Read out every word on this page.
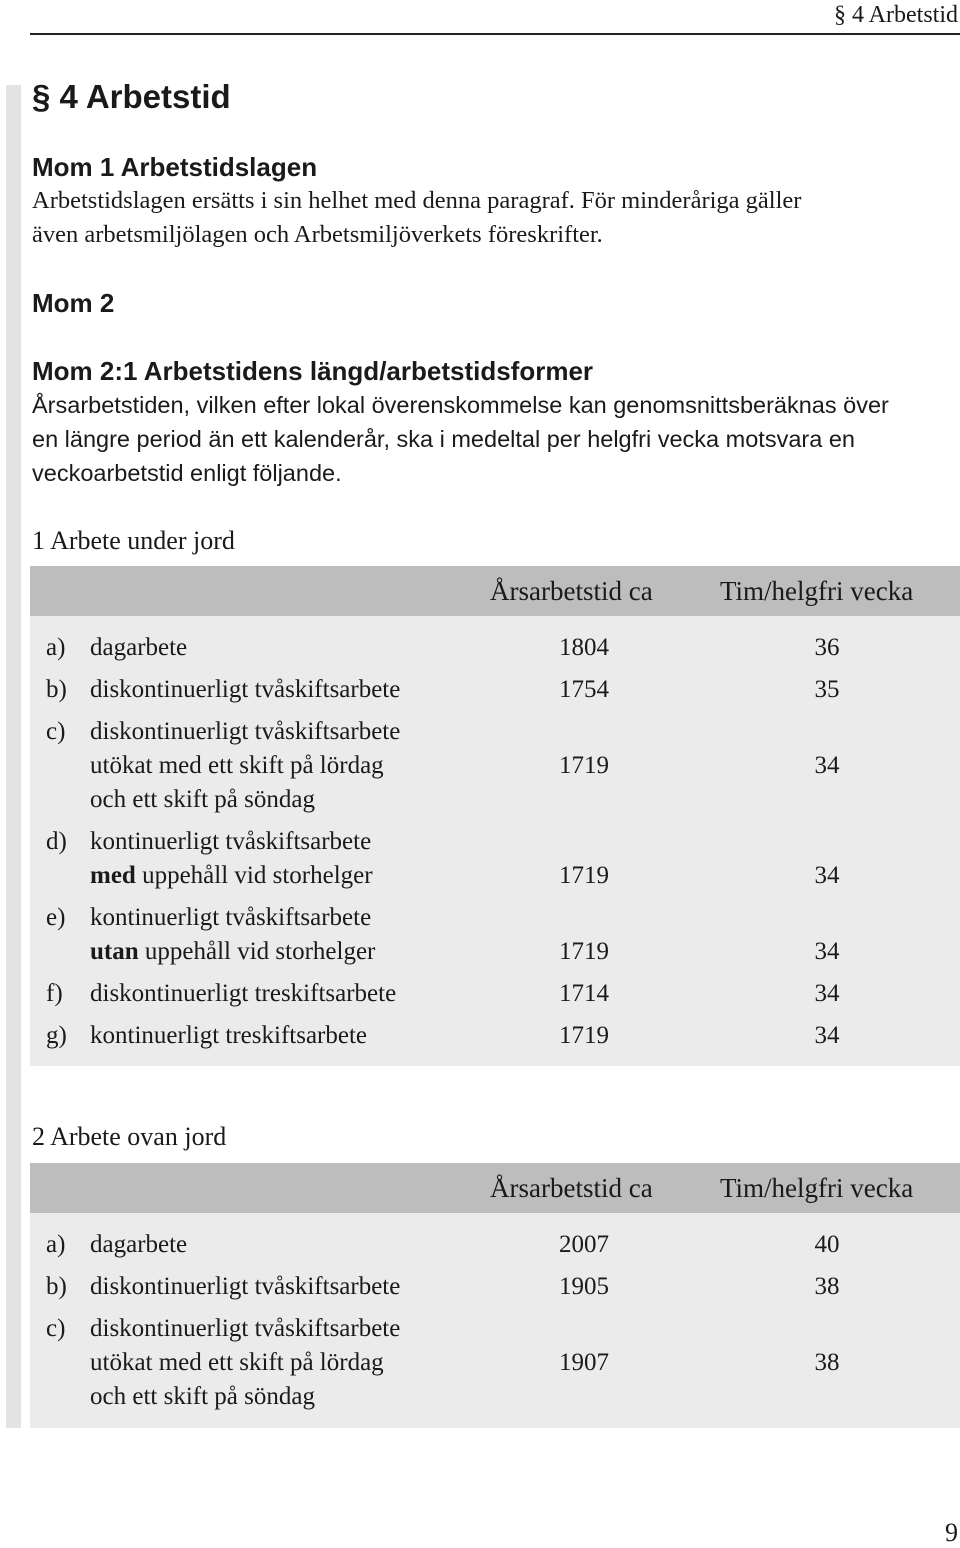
§ 4 Arbetstid
§ 4 Arbetstid
Mom 1 Arbetstidslagen
Arbetstidslagen ersätts i sin helhet med denna paragraf. För minderåriga gäller
även arbetsmiljölagen och Arbetsmiljöverkets föreskrifter.
Mom 2
Mom 2:1 Arbetstidens längd/arbetstidsformer
Årsarbetstiden, vilken efter lokal överenskommelse kan genomsnittsberäknas över
en längre period än ett kalenderår, ska i medeltal per helgfri vecka motsvara en
veckoarbetstid enligt följande.
1 Arbete under jord
Årsarbetstid ca Tim/helgfri vecka
a) dagarbete	1804	36
b) diskontinuerligt tvåskiftsarbete	1754	35
c) diskontinuerligt tvåskiftsarbete
utökat med ett skift på lördag
och ett skift på söndag
1719	34
d) kontinuerligt tvåskiftsarbete
med uppehåll vid storhelger	1719	34
e) kontinuerligt tvåskiftsarbete
utan uppehåll vid storhelger	1719	34
f) diskontinuerligt treskiftsarbete	1714	34
g) kontinuerligt treskiftsarbete	1719	34
2 Arbete ovan jord
Årsarbetstid ca Tim/helgfri vecka
a) dagarbete	2007	40
b) diskontinuerligt tvåskiftsarbete	1905	38
c) diskontinuerligt tvåskiftsarbete
utökat med ett skift på lördag
och ett skift på söndag
1907	38
9
